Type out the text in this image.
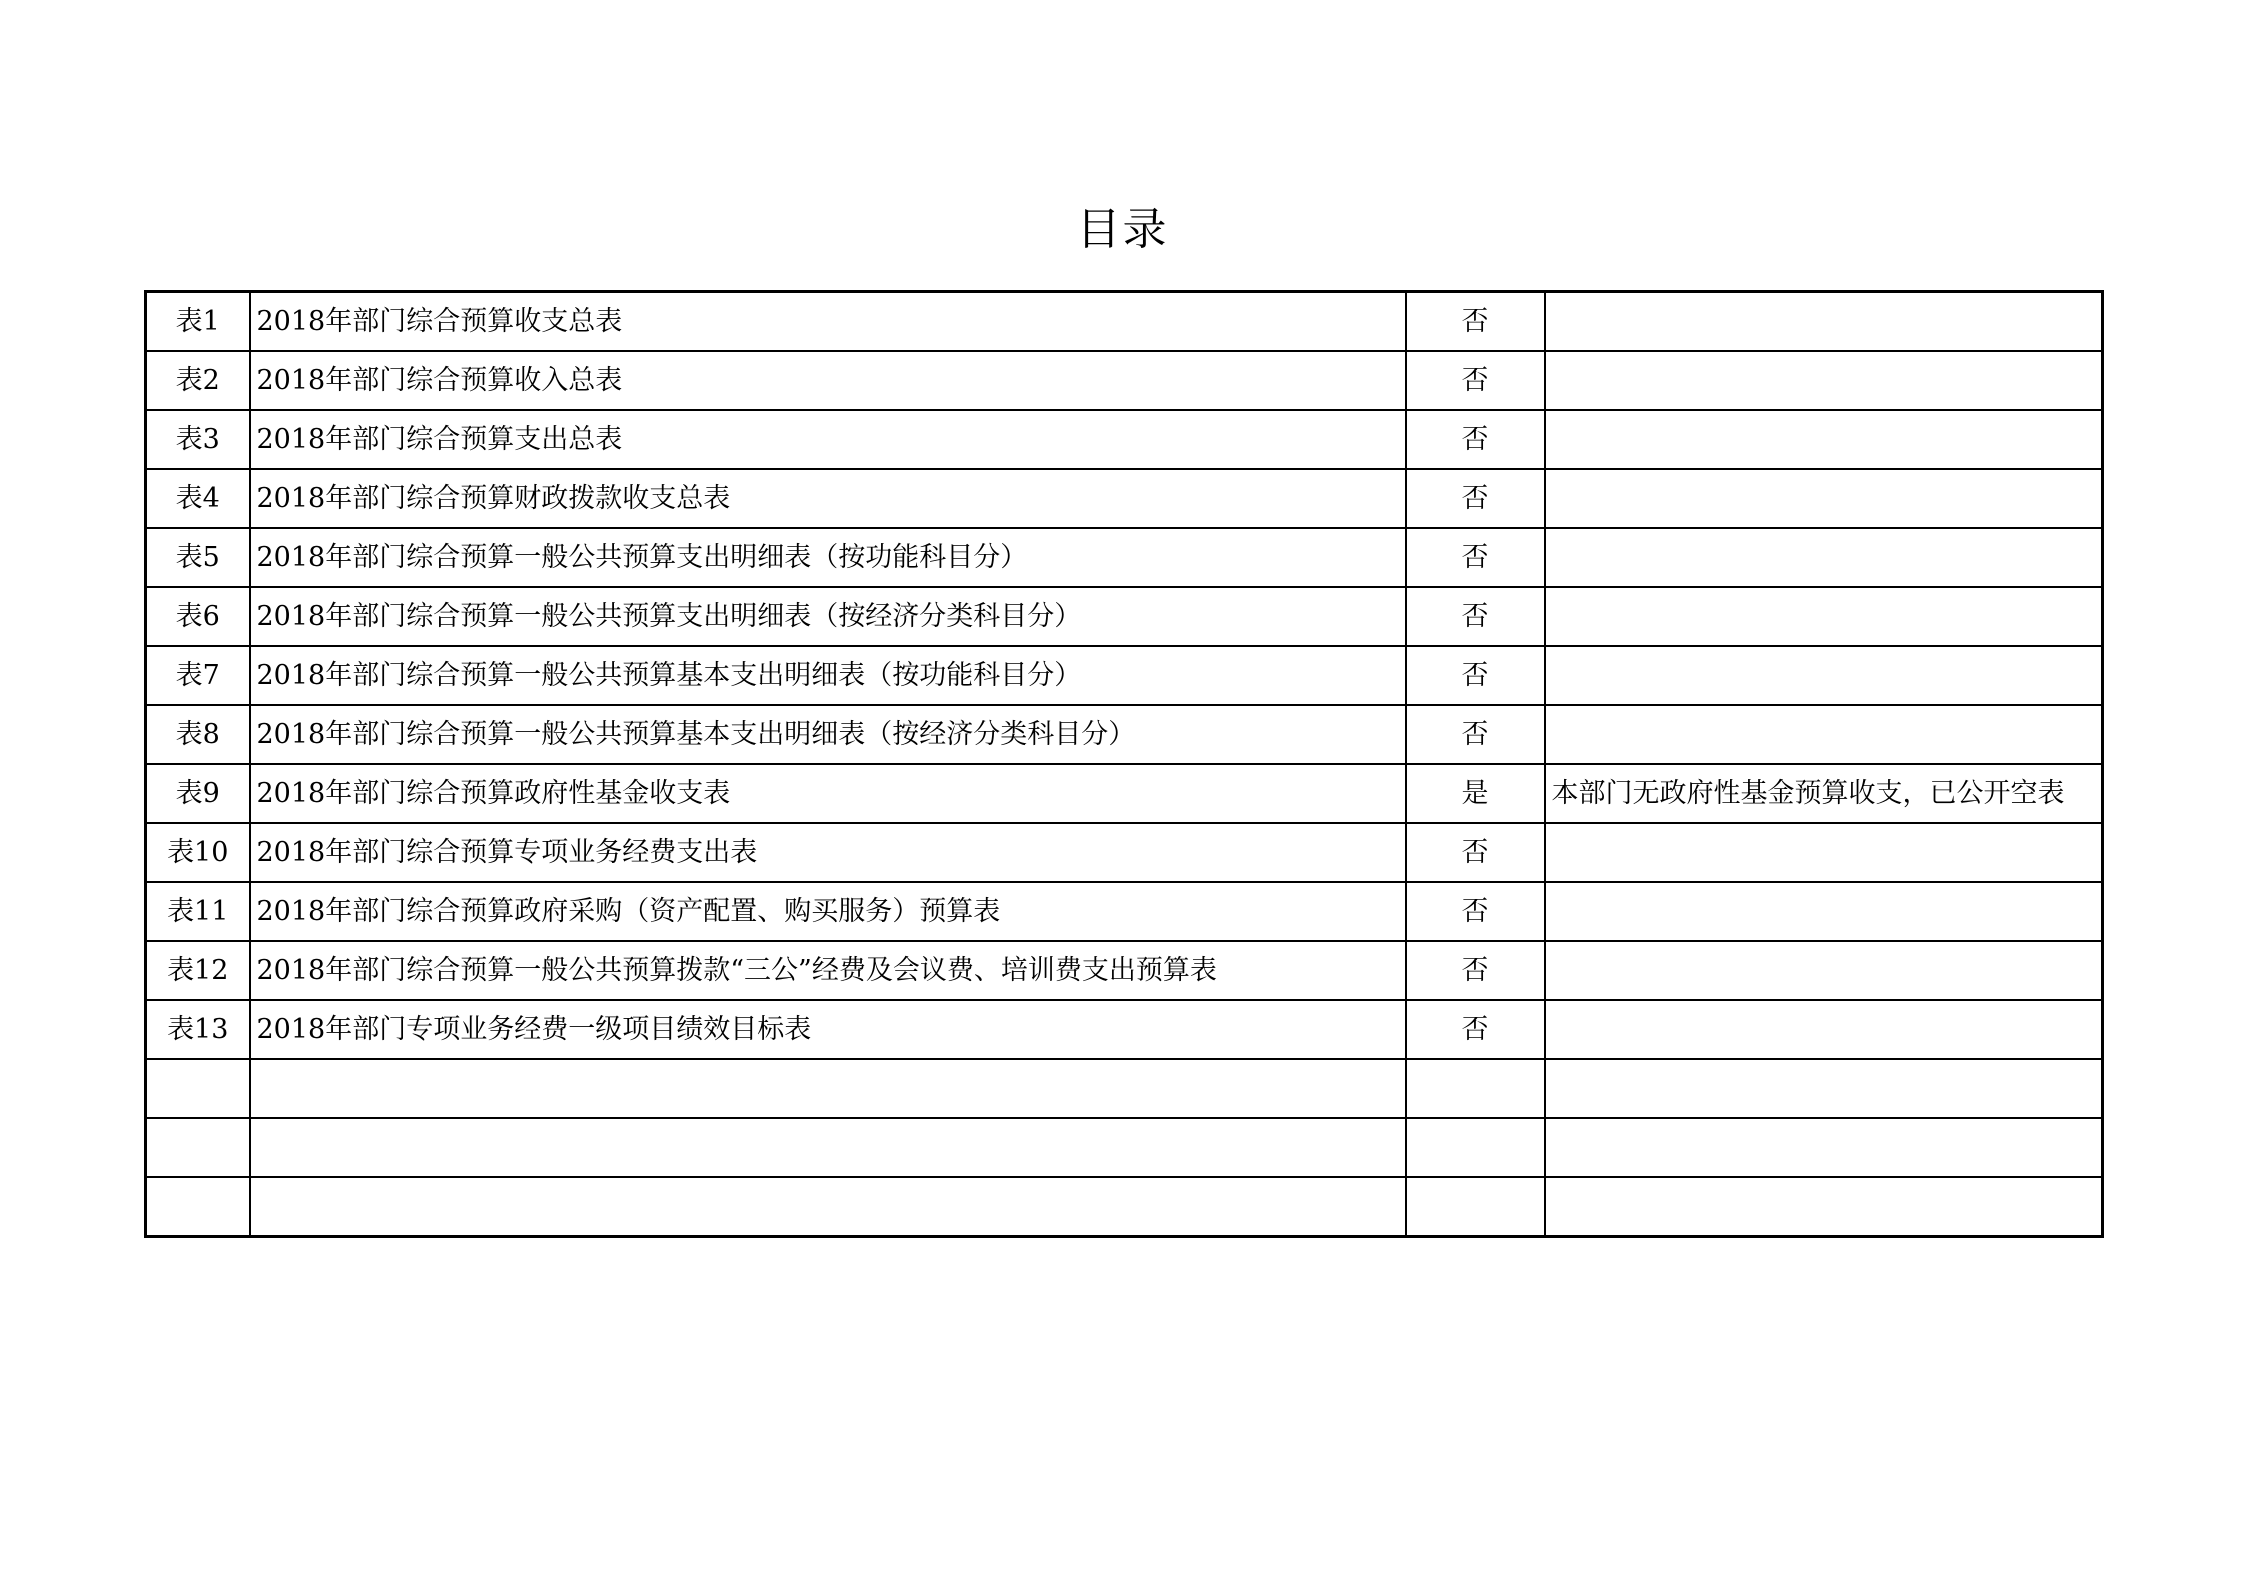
目录
表1	2018年部门综合预算收支总表	否	
表2	2018年部门综合预算收入总表	否	
表3	2018年部门综合预算支出总表	否	
表4	2018年部门综合预算财政拨款收支总表	否	
表5	2018年部门综合预算一般公共预算支出明细表（按功能科目分）	否	
表6	2018年部门综合预算一般公共预算支出明细表（按经济分类科目分）	否	
表7	2018年部门综合预算一般公共预算基本支出明细表（按功能科目分）	否	
表8	2018年部门综合预算一般公共预算基本支出明细表（按经济分类科目分）	否	
表9	2018年部门综合预算政府性基金收支表	是	本部门无政府性基金预算收支，已公开空表
表10	2018年部门综合预算专项业务经费支出表	否	
表11	2018年部门综合预算政府采购（资产配置、购买服务）预算表	否	
表12	2018年部门综合预算一般公共预算拨款“三公”经费及会议费、培训费支出预算表	否	
表13	2018年部门专项业务经费一级项目绩效目标表	否	
